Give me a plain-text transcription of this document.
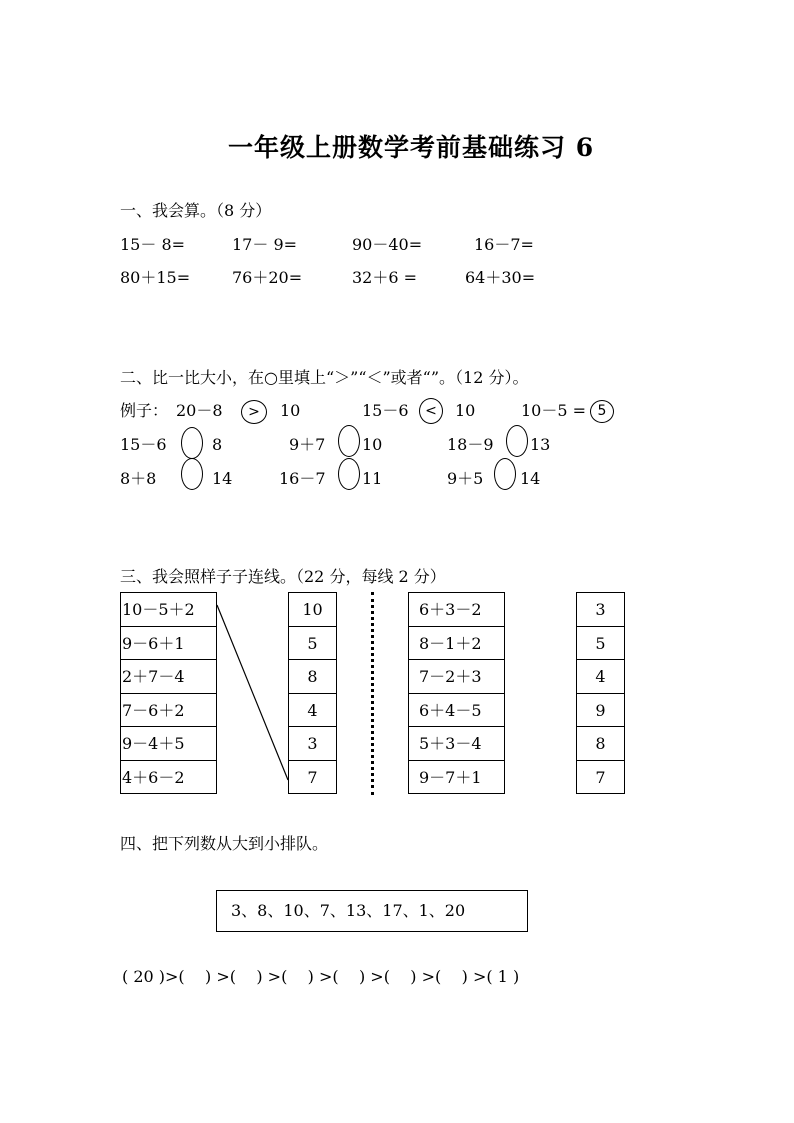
一年级上册数学考前基础练习 6
一、我会算。（8 分）
15－ 8=	17－ 9=	90－40=	16－7=
80＋15=	76＋20=	32＋6 =	64＋30=
二、比一比大小，在○里填上“＞”“＜”或者“”。（12 分）。
例子： 20－8	>	10	15－6	<	10	10－5 = 5
15－6	8	9＋7 10	18－9 13
8＋8	14	16－7 11	9＋5 14
三、我会照样子子连线。（22 分，每线 2 分）
10－5＋2
9－6＋1
2＋7－4
7－6＋2
9－4＋5
4＋6－2
10
5
8
4
3
7
6＋3－2
8－1＋2
7－2＋3
6＋4－5
5＋3－4
9－7＋1
3
5
4
9
8
7
四、把下列数从大到小排队。
3、8、10、7、13、17、1、20
( 20 )>(    ) >(    ) >(    ) >(    ) >(    ) >(    ) >( 1 )
